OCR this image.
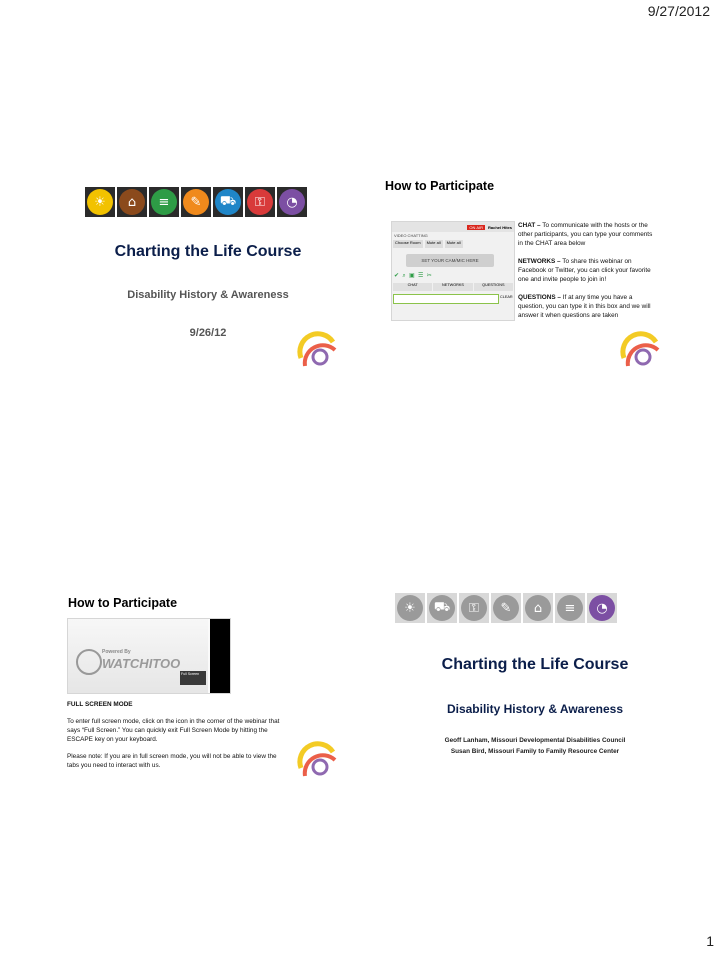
9/27/2012
☀	⌂	≡	✎	⛟	⚿	◔
Charting the Life Course
Disability History & Awareness
9/26/12
How to Participate
ON AIR	Rachel Hites
VIDEO CHATTING
Choose Room	Mute all	Mute all
SET YOUR CAM/MIC HERE
✔  ⌕  ▣  ☰  ✂
CHAT	NETWORKS	QUESTIONS
CLEAR

CHAT – To communicate with the hosts or the other participants, you can type your comments in the CHAT area below

NETWORKS – To share this webinar on Facebook or Twitter, you can click your favorite one and invite people to join in!

QUESTIONS – If at any time you have a question, you can type it in this box and we will answer it when questions are taken

How to Participate
Powered By
WATCHITOO
Full Screen

FULL SCREEN MODE

To enter full screen mode, click on the icon in the corner of the webinar that says “Full Screen.” You can quickly exit Full Screen Mode by hitting the ESCAPE key on your keyboard.

Please note: If you are in full screen mode, you will not be able to view the tabs you need to interact with us.

☀	⛟	⚿	✎	⌂	≡	◔
Charting the Life Course
Disability History & Awareness
Geoff Lanham, Missouri Developmental Disabilities Council
Susan Bird, Missouri Family to Family Resource Center
1
